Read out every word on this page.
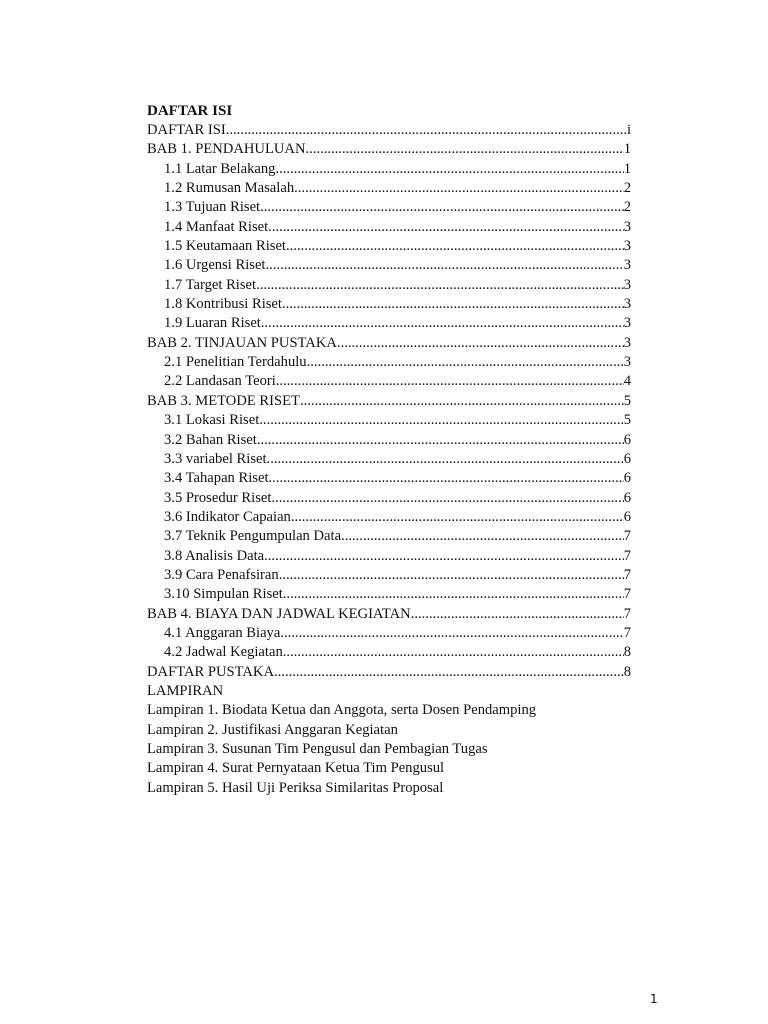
DAFTAR ISI
DAFTAR ISI .....	i
BAB 1. PENDAHULUAN .....	1
1.1 Latar Belakang .....	1
1.2 Rumusan Masalah .....	2
1.3 Tujuan Riset .....	2
1.4 Manfaat Riset .....	3
1.5 Keutamaan Riset .....	3
1.6 Urgensi Riset .....	3
1.7 Target Riset .....	3
1.8 Kontribusi Riset .....	3
1.9 Luaran Riset .....	3
BAB 2. TINJAUAN PUSTAKA .....	3
2.1 Penelitian Terdahulu .....	3
2.2 Landasan Teori .....	4
BAB 3. METODE RISET .....	5
3.1 Lokasi Riset .....	5
3.2 Bahan Riset .....	6
3.3 variabel Riset .....	6
3.4 Tahapan Riset .....	6
3.5 Prosedur Riset .....	6
3.6 Indikator Capaian .....	6
3.7 Teknik Pengumpulan Data .....	7
3.8 Analisis Data .....	7
3.9 Cara Penafsiran .....	7
3.10 Simpulan Riset .....	7
BAB 4. BIAYA DAN JADWAL KEGIATAN .....	7
4.1 Anggaran Biaya .....	7
4.2 Jadwal Kegiatan .....	8
DAFTAR PUSTAKA .....	8
LAMPIRAN
Lampiran 1. Biodata Ketua dan Anggota, serta Dosen Pendamping
Lampiran 2. Justifikasi Anggaran Kegiatan
Lampiran 3. Susunan Tim Pengusul dan Pembagian Tugas
Lampiran 4. Surat Pernyataan Ketua Tim Pengusul
Lampiran 5. Hasil Uji Periksa Similaritas Proposal
1
